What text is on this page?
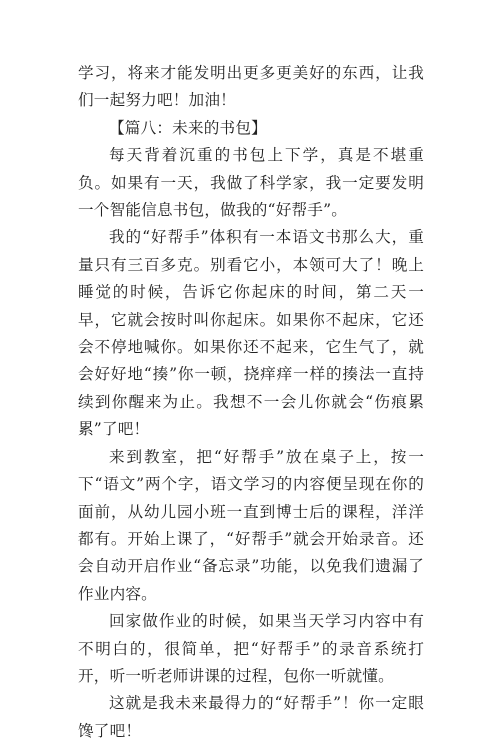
学习，将来才能发明出更多更美好的东西，让我们一起努力吧！加油！

【篇八：未来的书包】

每天背着沉重的书包上下学，真是不堪重负。如果有一天，我做了科学家，我一定要发明一个智能信息书包，做我的“好帮手”。

我的“好帮手”体积有一本语文书那么大，重量只有三百多克。别看它小，本领可大了！晚上睡觉的时候，告诉它你起床的时间，第二天一早，它就会按时叫你起床。如果你不起床，它还会不停地喊你。如果你还不起来，它生气了，就会好好地“揍”你一顿，挠痒痒一样的揍法一直持续到你醒来为止。我想不一会儿你就会“伤痕累累”了吧！

来到教室，把“好帮手”放在桌子上，按一下“语文”两个字，语文学习的内容便呈现在你的面前，从幼儿园小班一直到博士后的课程，洋洋都有。开始上课了，“好帮手”就会开始录音。还会自动开启作业“备忘录”功能，以免我们遗漏了作业内容。

回家做作业的时候，如果当天学习内容中有不明白的，很简单，把“好帮手”的录音系统打开，听一听老师讲课的过程，包你一听就懂。

这就是我未来最得力的“好帮手”！你一定眼馋了吧！
